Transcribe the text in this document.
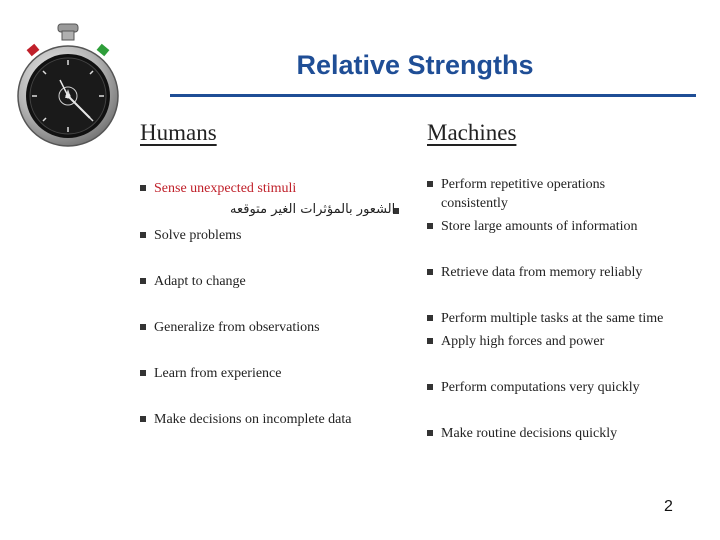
Relative Strengths
Humans
Sense unexpected stimuli
الشعور بالمؤثرات الغير متوقعه
Solve problems
Adapt to change
Generalize from observations
Learn from experience
Make decisions on incomplete data
Machines
Perform repetitive operations
consistently
Store large amounts of information
Retrieve data from memory reliably
Perform multiple tasks at the same time
Apply high forces and power
Perform computations very quickly
Make routine decisions quickly
2
